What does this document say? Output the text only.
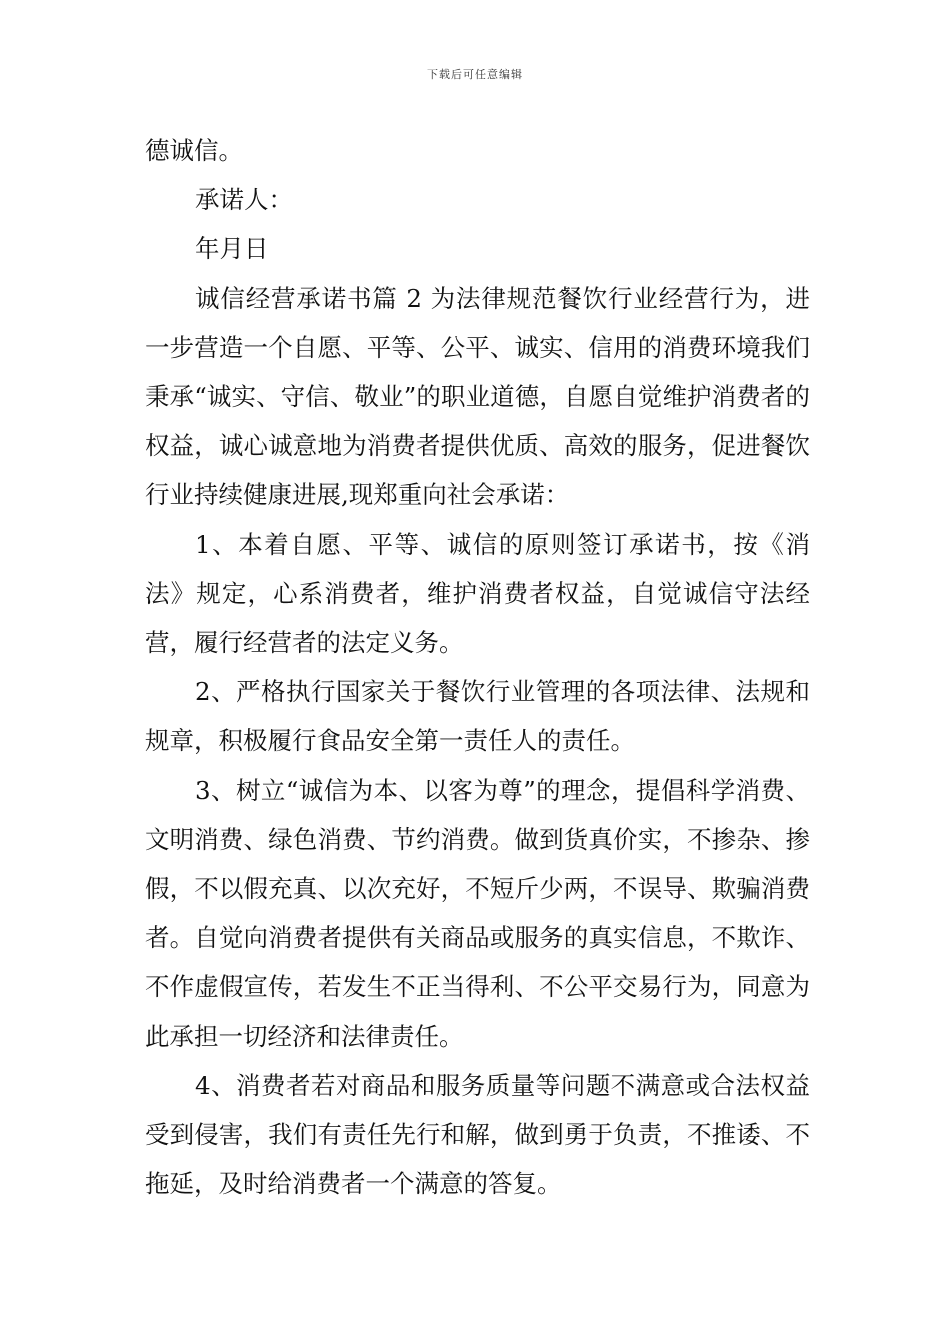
下载后可任意编辑

德诚信。

承诺人：

年月日

诚信经营承诺书篇 2 为法律规范餐饮行业经营行为，进一步营造一个自愿、平等、公平、诚实、信用的消费环境我们秉承“诚实、守信、敬业”的职业道德，自愿自觉维护消费者的权益，诚心诚意地为消费者提供优质、高效的服务，促进餐饮行业持续健康进展,现郑重向社会承诺：

1、本着自愿、平等、诚信的原则签订承诺书，按《消法》规定，心系消费者，维护消费者权益，自觉诚信守法经营，履行经营者的法定义务。

2、严格执行国家关于餐饮行业管理的各项法律、法规和规章，积极履行食品安全第一责任人的责任。

3、树立“诚信为本、以客为尊”的理念，提倡科学消费、文明消费、绿色消费、节约消费。做到货真价实，不掺杂、掺假，不以假充真、以次充好，不短斤少两，不误导、欺骗消费者。自觉向消费者提供有关商品或服务的真实信息，不欺诈、不作虚假宣传，若发生不正当得利、不公平交易行为，同意为此承担一切经济和法律责任。

4、消费者若对商品和服务质量等问题不满意或合法权益受到侵害，我们有责任先行和解，做到勇于负责，不推诿、不拖延，及时给消费者一个满意的答复。
